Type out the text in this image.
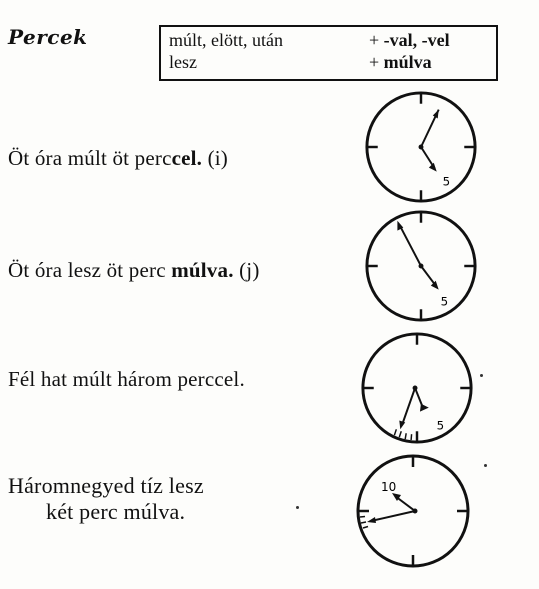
Percek	múlt, elött, után	+ -val, -vel
lesz	+ múlva
Öt óra múlt öt perccel. (i)
Öt óra lesz öt perc múlva. (j)
Fél hat múlt három perccel.
Háromnegyed tíz lesz
két perc múlva.
5
5
5
10
